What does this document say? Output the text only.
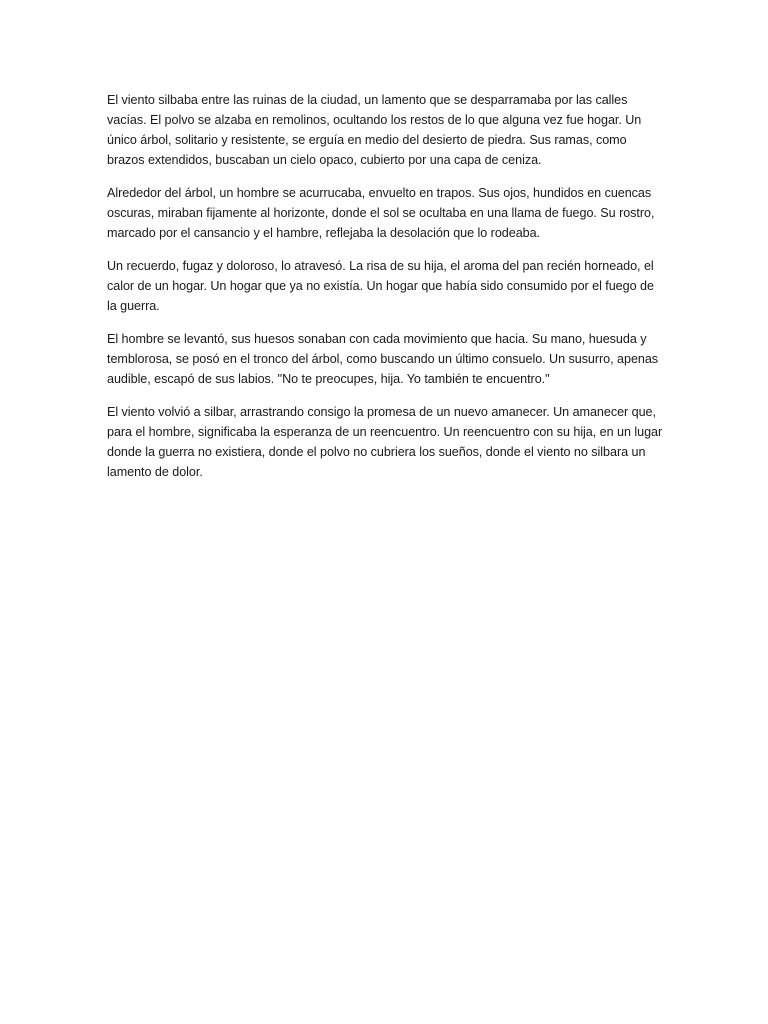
El viento silbaba entre las ruinas de la ciudad, un lamento que se desparramaba por las calles vacías. El polvo se alzaba en remolinos, ocultando los restos de lo que alguna vez fue hogar. Un único árbol, solitario y resistente, se erguía en medio del desierto de piedra. Sus ramas, como brazos extendidos, buscaban un cielo opaco, cubierto por una capa de ceniza.

Alrededor del árbol, un hombre se acurrucaba, envuelto en trapos. Sus ojos, hundidos en cuencas oscuras, miraban fijamente al horizonte, donde el sol se ocultaba en una llama de fuego. Su rostro, marcado por el cansancio y el hambre, reflejaba la desolación que lo rodeaba.

Un recuerdo, fugaz y doloroso, lo atravesó. La risa de su hija, el aroma del pan recién horneado, el calor de un hogar. Un hogar que ya no existía. Un hogar que había sido consumido por el fuego de la guerra.

El hombre se levantó, sus huesos sonaban con cada movimiento que hacia. Su mano, huesuda y temblorosa, se posó en el tronco del árbol, como buscando un último consuelo. Un susurro, apenas audible, escapó de sus labios. "No te preocupes, hija. Yo también te encuentro."

El viento volvió a silbar, arrastrando consigo la promesa de un nuevo amanecer. Un amanecer que, para el hombre, significaba la esperanza de un reencuentro. Un reencuentro con su hija, en un lugar donde la guerra no existiera, donde el polvo no cubriera los sueños, donde el viento no silbara un lamento de dolor.
